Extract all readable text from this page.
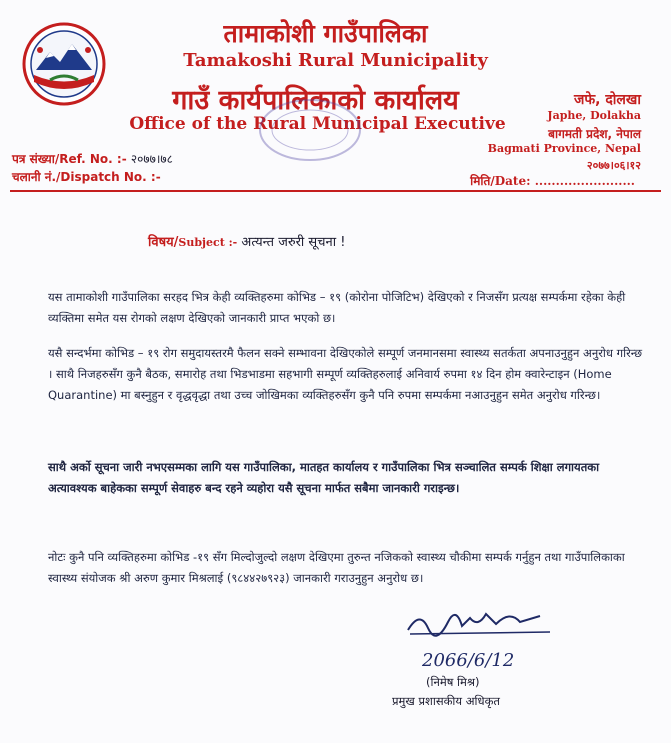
तामाकोशी गाउँपालिका
Tamakoshi Rural Municipality
गाउँ कार्यपालिकाको कार्यालय
Office of the Rural Municipal Executive
जफे, दोलखा
Japhe, Dolakha
बागमती प्रदेश, नेपाल
Bagmati Province, Nepal
२०७७।०६।१२
मिति/Date: ........................
पत्र संख्या/Ref. No. :- २०७७।७८
चलानी नं./Dispatch No. :-
विषय/Subject :- अत्यन्त जरुरी सूचना !
यस तामाकोशी गाउँपालिका सरहद भित्र केही व्यक्तिहरुमा कोभिड – १९ (कोरोना पोजिटिभ) देखिएको र निजसँग प्रत्यक्ष सम्पर्कमा रहेका केही व्यक्तिमा समेत यस रोगको लक्षण देखिएको जानकारी प्राप्त भएको छ।
यसै सन्दर्भमा कोभिड – १९ रोग समुदायस्तरमै फैलन सक्ने सम्भावना देखिएकोले सम्पूर्ण जनमानसमा स्वास्थ्य सतर्कता अपनाउनुहुन अनुरोध गरिन्छ । साथै निजहरुसँग कुनै बैठक, समारोह तथा भिडभाडमा सहभागी सम्पूर्ण व्यक्तिहरुलाई अनिवार्य रुपमा १४ दिन होम क्वारेन्टाइन (Home Quarantine) मा बस्नुहुन र वृद्धवृद्धा तथा उच्च जोखिमका व्यक्तिहरुसँग कुनै पनि रुपमा सम्पर्कमा नआउनुहुन समेत अनुरोध गरिन्छ।
साथै अर्को सूचना जारी नभएसम्मका लागि यस गाउँपालिका, मातहत कार्यालय र गाउँपालिका भित्र सञ्चालित सम्पर्क शिक्षा लगायतका अत्यावश्यक बाहेकका सम्पूर्ण सेवाहरु बन्द रहने व्यहोरा यसै सूचना मार्फत सबैमा जानकारी गराइन्छ।
नोटः कुनै पनि व्यक्तिहरुमा कोभिड -१९ सँग मिल्दोजुल्दो लक्षण देखिएमा तुरुन्त नजिकको स्वास्थ्य चौकीमा सम्पर्क गर्नुहुन तथा गाउँपालिकाका स्वास्थ्य संयोजक श्री अरुण कुमार मिश्रलाई (९८४४२७९२३) जानकारी गराउनुहुन अनुरोध छ।
2066/6/12
(निमेष मिश्र)
प्रमुख प्रशासकीय अधिकृत
